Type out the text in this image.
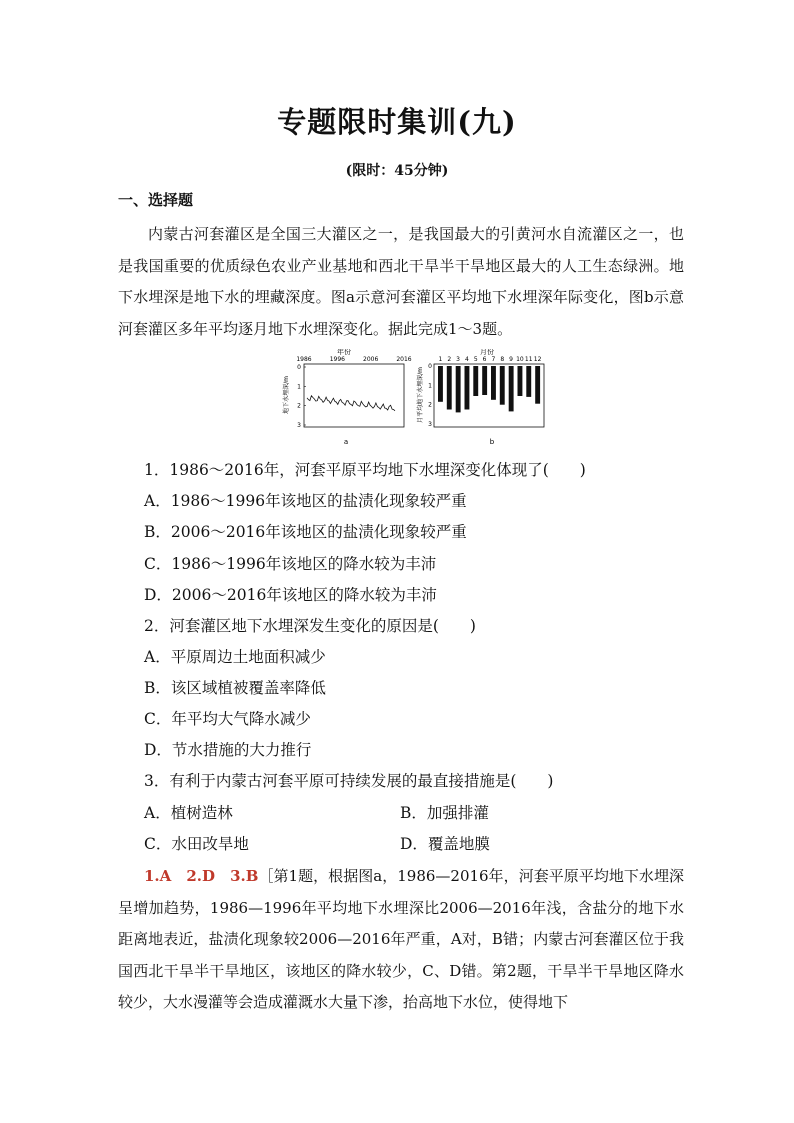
专题限时集训(九)
(限时：45分钟)
一、选择题
内蒙古河套灌区是全国三大灌区之一，是我国最大的引黄河水自流灌区之一，也是我国重要的优质绿色农业产业基地和西北干旱半干旱地区最大的人工生态绿洲。地下水埋深是地下水的埋藏深度。图a示意河套灌区平均地下水埋深年际变化，图b示意河套灌区多年平均逐月地下水埋深变化。据此完成1～3题。
年份
1986	1996	2006	2016
0
1
2
3
地下水埋深/m
a
月份
1 2 3 4 5 6 7 8 9 10 11 12
0
1
2
3
月平均地下水埋深/m
b
1．1986～2016年，河套平原平均地下水埋深变化体现了(　　)
A．1986～1996年该地区的盐渍化现象较严重
B．2006～2016年该地区的盐渍化现象较严重
C．1986～1996年该地区的降水较为丰沛
D．2006～2016年该地区的降水较为丰沛
2．河套灌区地下水埋深发生变化的原因是(　　)
A．平原周边土地面积减少
B．该区域植被覆盖率降低
C．年平均大气降水减少
D．节水措施的大力推行
3．有利于内蒙古河套平原可持续发展的最直接措施是(　　)
A．植树造林	B．加强排灌
C．水田改旱地	D．覆盖地膜
1.A　2.D　3.B［第1题，根据图a，1986—2016年，河套平原平均地下水埋深呈增加趋势，1986—1996年平均地下水埋深比2006—2016年浅，含盐分的地下水距离地表近，盐渍化现象较2006—2016年严重，A对，B错；内蒙古河套灌区位于我国西北干旱半干旱地区，该地区的降水较少，C、D错。第2题，干旱半干旱地区降水较少，大水漫灌等会造成灌溉水大量下渗，抬高地下水位，使得地下
